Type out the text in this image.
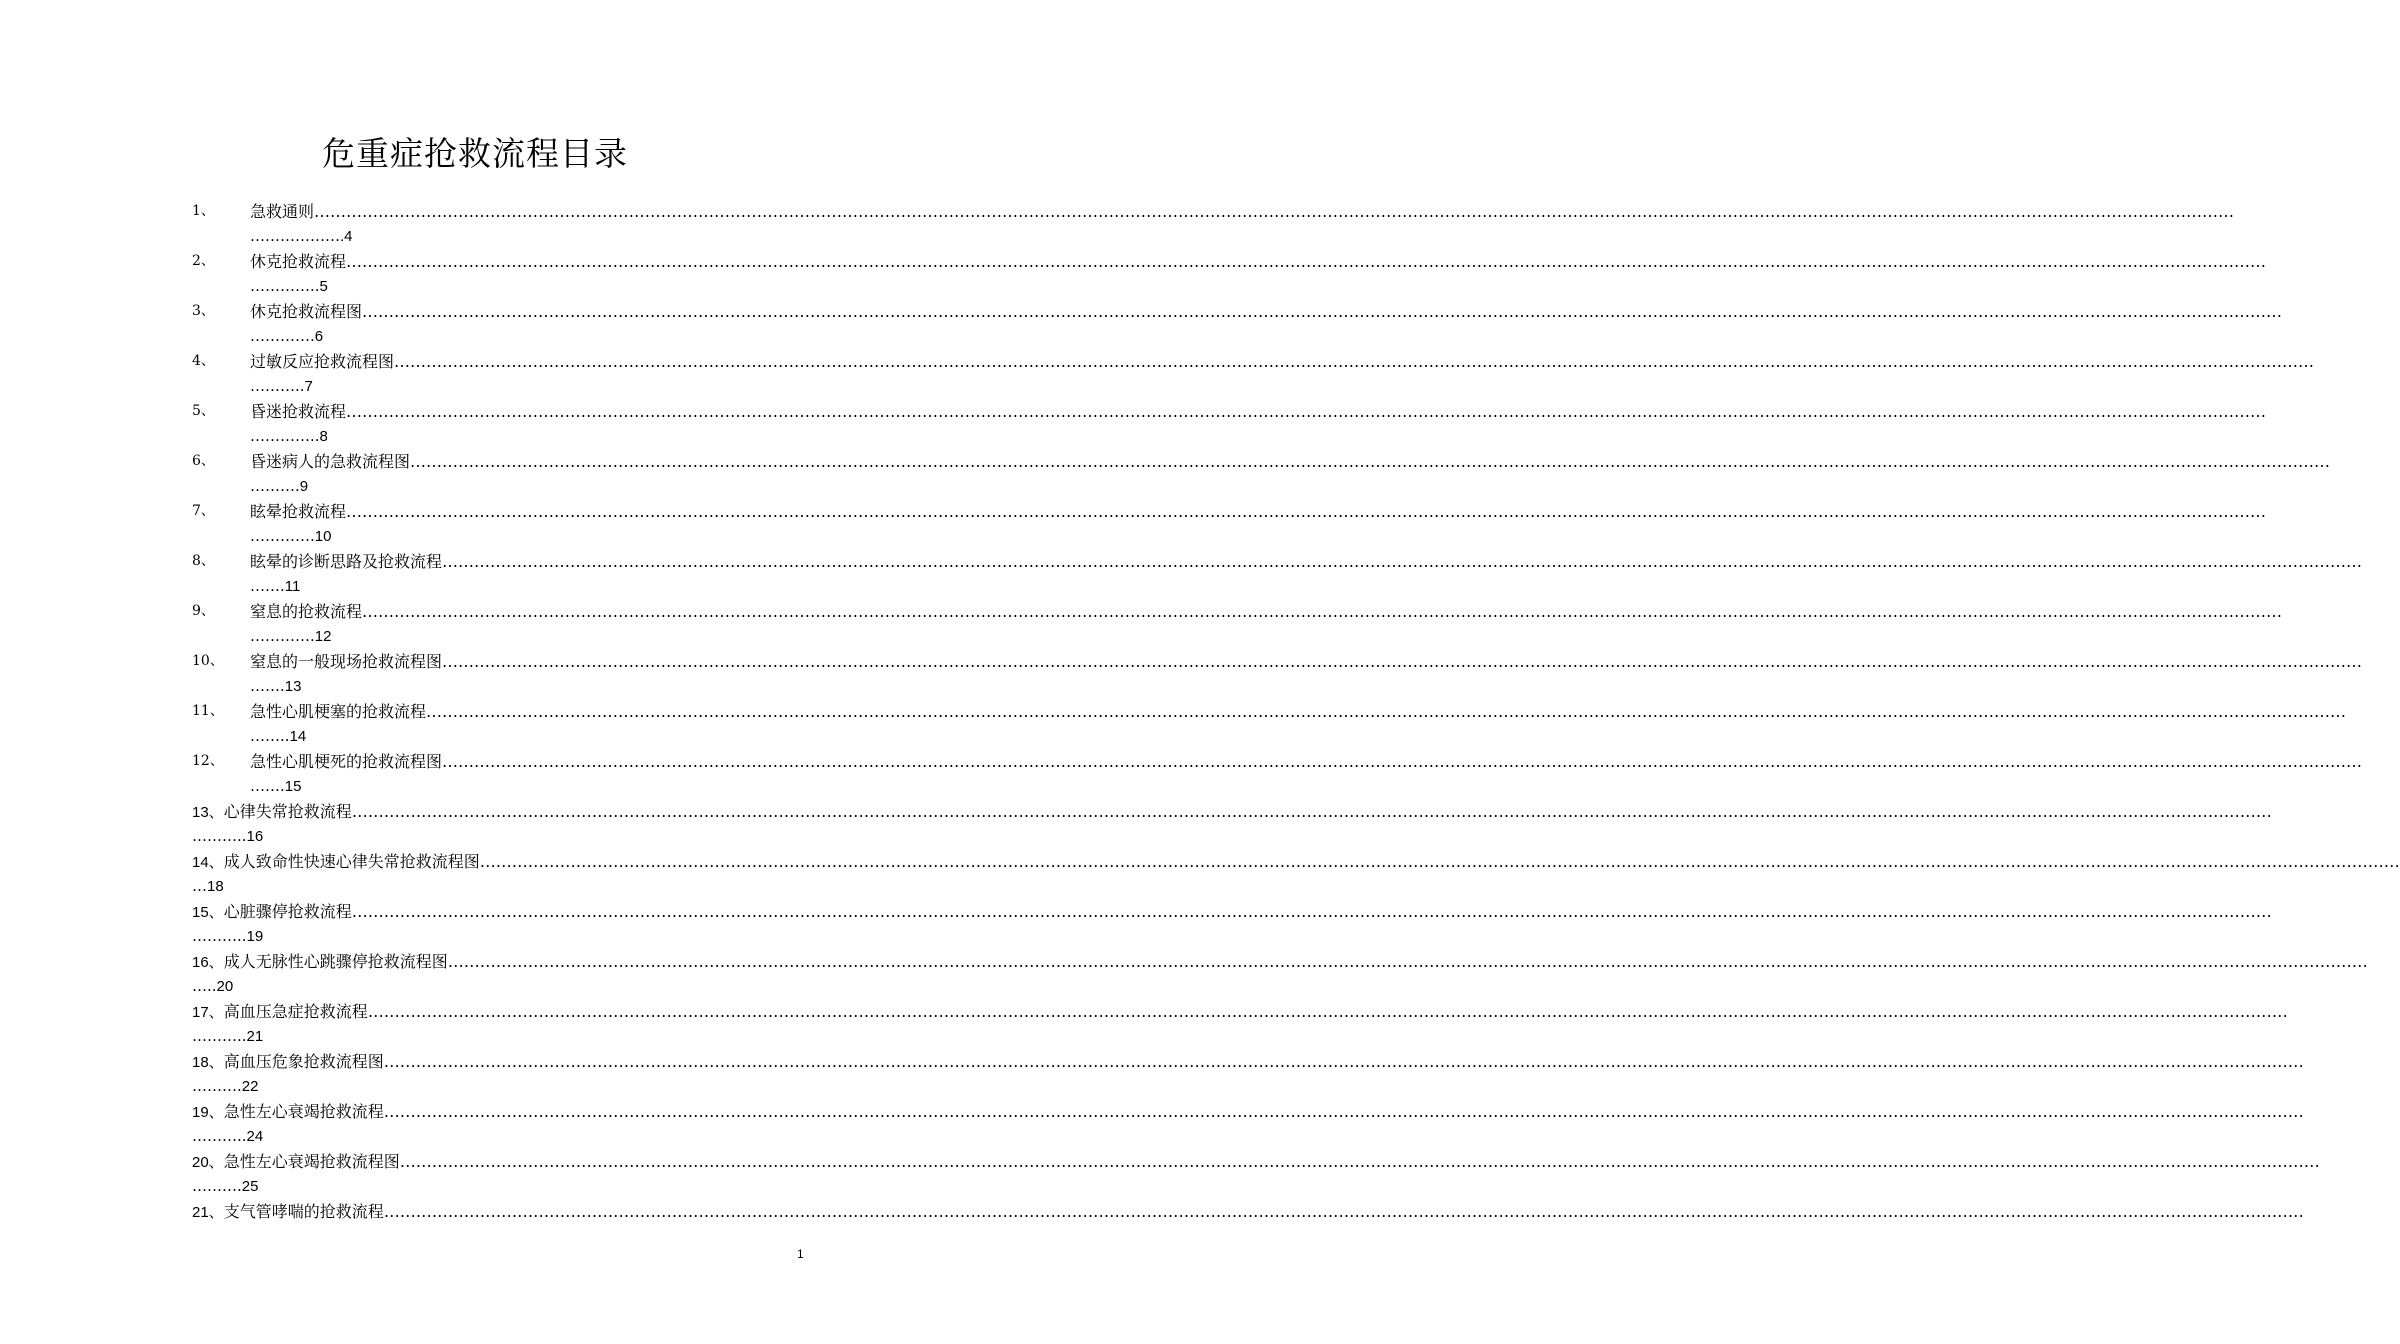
危重症抢救流程目录
1、 急救通则………………………………………………………………………………………………………………………………………………………………………………………………………………………………………………………………………………………………………………………………
……………….4
2、 休克抢救流程………………………………………………………………………………………………………………………………………………………………………………………………………………………………………………………………………………………………………………………………
…………..5
3、 休克抢救流程图………………………………………………………………………………………………………………………………………………………………………………………………………………………………………………………………………………………………………………………………
………….6
4、 过敏反应抢救流程图………………………………………………………………………………………………………………………………………………………………………………………………………………………………………………………………………………………………………………………………
………..7
5、 昏迷抢救流程………………………………………………………………………………………………………………………………………………………………………………………………………………………………………………………………………………………………………………………………
…………..8
6、 昏迷病人的急救流程图………………………………………………………………………………………………………………………………………………………………………………………………………………………………………………………………………………………………………………………………
……….9
7、 眩晕抢救流程………………………………………………………………………………………………………………………………………………………………………………………………………………………………………………………………………………………………………………………………
………….10
8、 眩晕的诊断思路及抢救流程………………………………………………………………………………………………………………………………………………………………………………………………………………………………………………………………………………………………………………………………
…….11
9、 窒息的抢救流程………………………………………………………………………………………………………………………………………………………………………………………………………………………………………………………………………………………………………………………………
………….12
10、 窒息的一般现场抢救流程图………………………………………………………………………………………………………………………………………………………………………………………………………………………………………………………………………………………………………………………………
…….13
11、 急性心肌梗塞的抢救流程………………………………………………………………………………………………………………………………………………………………………………………………………………………………………………………………………………………………………………………………
……..14
12、 急性心肌梗死的抢救流程图………………………………………………………………………………………………………………………………………………………………………………………………………………………………………………………………………………………………………………………………
…….15
13、心律失常抢救流程………………………………………………………………………………………………………………………………………………………………………………………………………………………………………………………………………………………………………………………………
………..16
14、成人致命性快速心律失常抢救流程图………………………………………………………………………………………………………………………………………………………………………………………………………………………………………………………………………………………………………………………………
…18
15、心脏骤停抢救流程………………………………………………………………………………………………………………………………………………………………………………………………………………………………………………………………………………………………………………………………
………..19
16、成人无脉性心跳骤停抢救流程图………………………………………………………………………………………………………………………………………………………………………………………………………………………………………………………………………………………………………………………………
…..20
17、高血压急症抢救流程………………………………………………………………………………………………………………………………………………………………………………………………………………………………………………………………………………………………………………………………
………..21
18、高血压危象抢救流程图………………………………………………………………………………………………………………………………………………………………………………………………………………………………………………………………………………………………………………………………
……….22
19、急性左心衰竭抢救流程………………………………………………………………………………………………………………………………………………………………………………………………………………………………………………………………………………………………………………………………
………..24
20、急性左心衰竭抢救流程图………………………………………………………………………………………………………………………………………………………………………………………………………………………………………………………………………………………………………………………………
……….25
21、支气管哮喘的抢救流程………………………………………………………………………………………………………………………………………………………………………………………………………………………………………………………………………………………………………………………………
1
